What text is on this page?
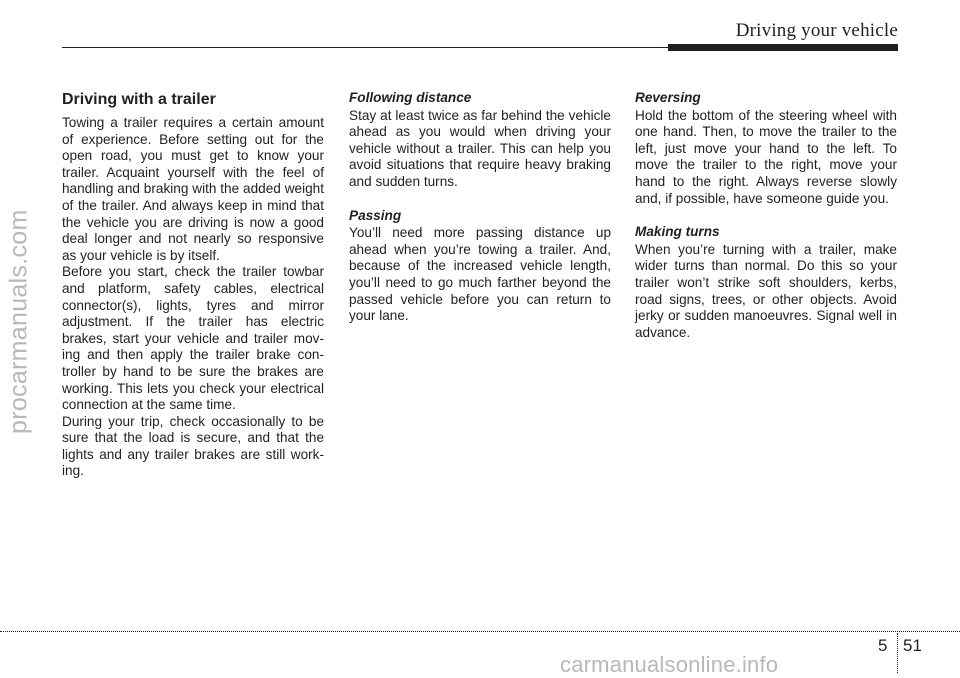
Driving your vehicle
procarmanuals.com
Driving with a trailer

Towing a trailer requires a certain amount of experience. Before setting out for the open road, you must get to know your trailer. Acquaint yourself with the feel of handling and braking with the added weight of the trailer. And always keep in mind that the vehicle you are driving is now a good deal longer and not nearly so responsive as your vehicle is by itself.

Before you start, check the trailer towbar and platform, safety cables, electrical connector(s), lights, tyres and mirror adjustment. If the trailer has electric brakes, start your vehicle and trailer moving and then apply the trailer brake controller by hand to be sure the brakes are working. This lets you check your electrical connection at the same time.

During your trip, check occasionally to be sure that the load is secure, and that the lights and any trailer brakes are still working.

Following distance

Stay at least twice as far behind the vehicle ahead as you would when driving your vehicle without a trailer. This can help you avoid situations that require heavy braking and sudden turns.

Passing

You’ll need more passing distance up ahead when you’re towing a trailer. And, because of the increased vehicle length, you’ll need to go much farther beyond the passed vehicle before you can return to your lane.

Reversing

Hold the bottom of the steering wheel with one hand. Then, to move the trailer to the left, just move your hand to the left. To move the trailer to the right, move your hand to the right. Always reverse slowly and, if possible, have someone guide you.

Making turns

When you’re turning with a trailer, make wider turns than normal. Do this so your trailer won’t strike soft shoulders, kerbs, road signs, trees, or other objects. Avoid jerky or sudden manoeuvres. Signal well in advance.

5 51
carmanualsonline.info
